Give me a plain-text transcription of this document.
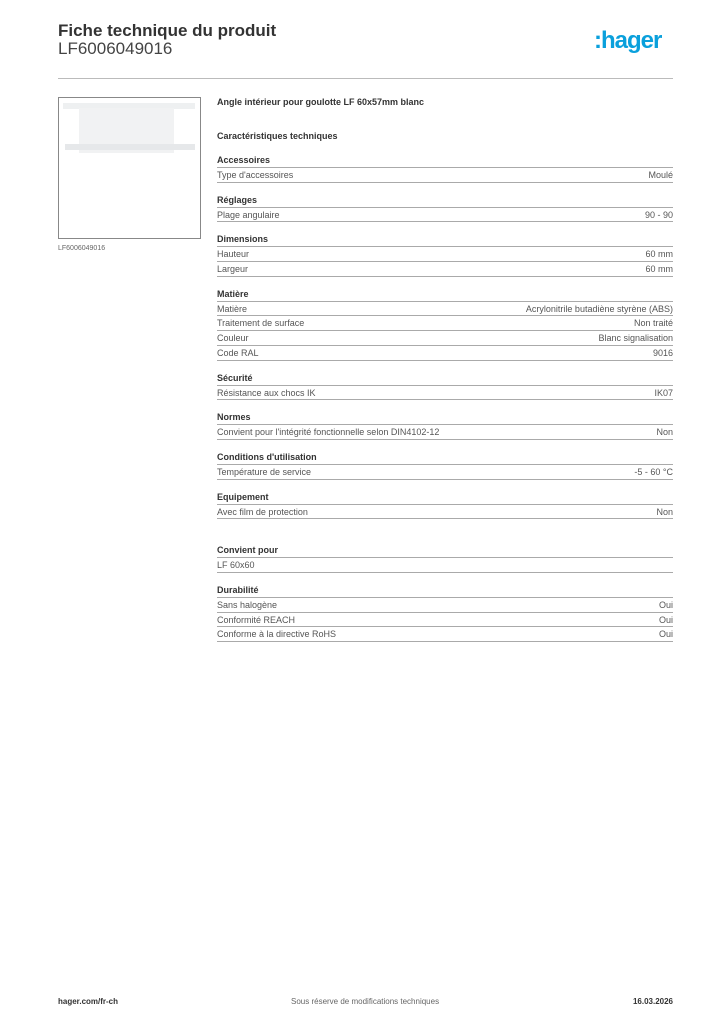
Fiche technique du produit
LF6006049016	:hager
LF6006049016
Angle intérieur pour goulotte LF 60x57mm blanc
Caractéristiques techniques
Accessoires
Type d'accessoires	Moulé
Réglages
Plage angulaire	90 - 90
Dimensions
Hauteur	60 mm
Largeur	60 mm
Matière
Matière	Acrylonitrile butadiène styrène (ABS)
Traitement de surface	Non traité
Couleur	Blanc signalisation
Code RAL	9016
Sécurité
Résistance aux chocs IK	IK07
Normes
Convient pour l'intégrité fonctionnelle selon DIN4102-12	Non
Conditions d'utilisation
Température de service	-5 - 60 °C
Equipement
Avec film de protection	Non
Convient pour
LF 60x60
Durabilité
Sans halogène	Oui
Conformité REACH	Oui
Conforme à la directive RoHS	Oui
hager.com/fr-ch	Sous réserve de modifications techniques	16.03.2026
